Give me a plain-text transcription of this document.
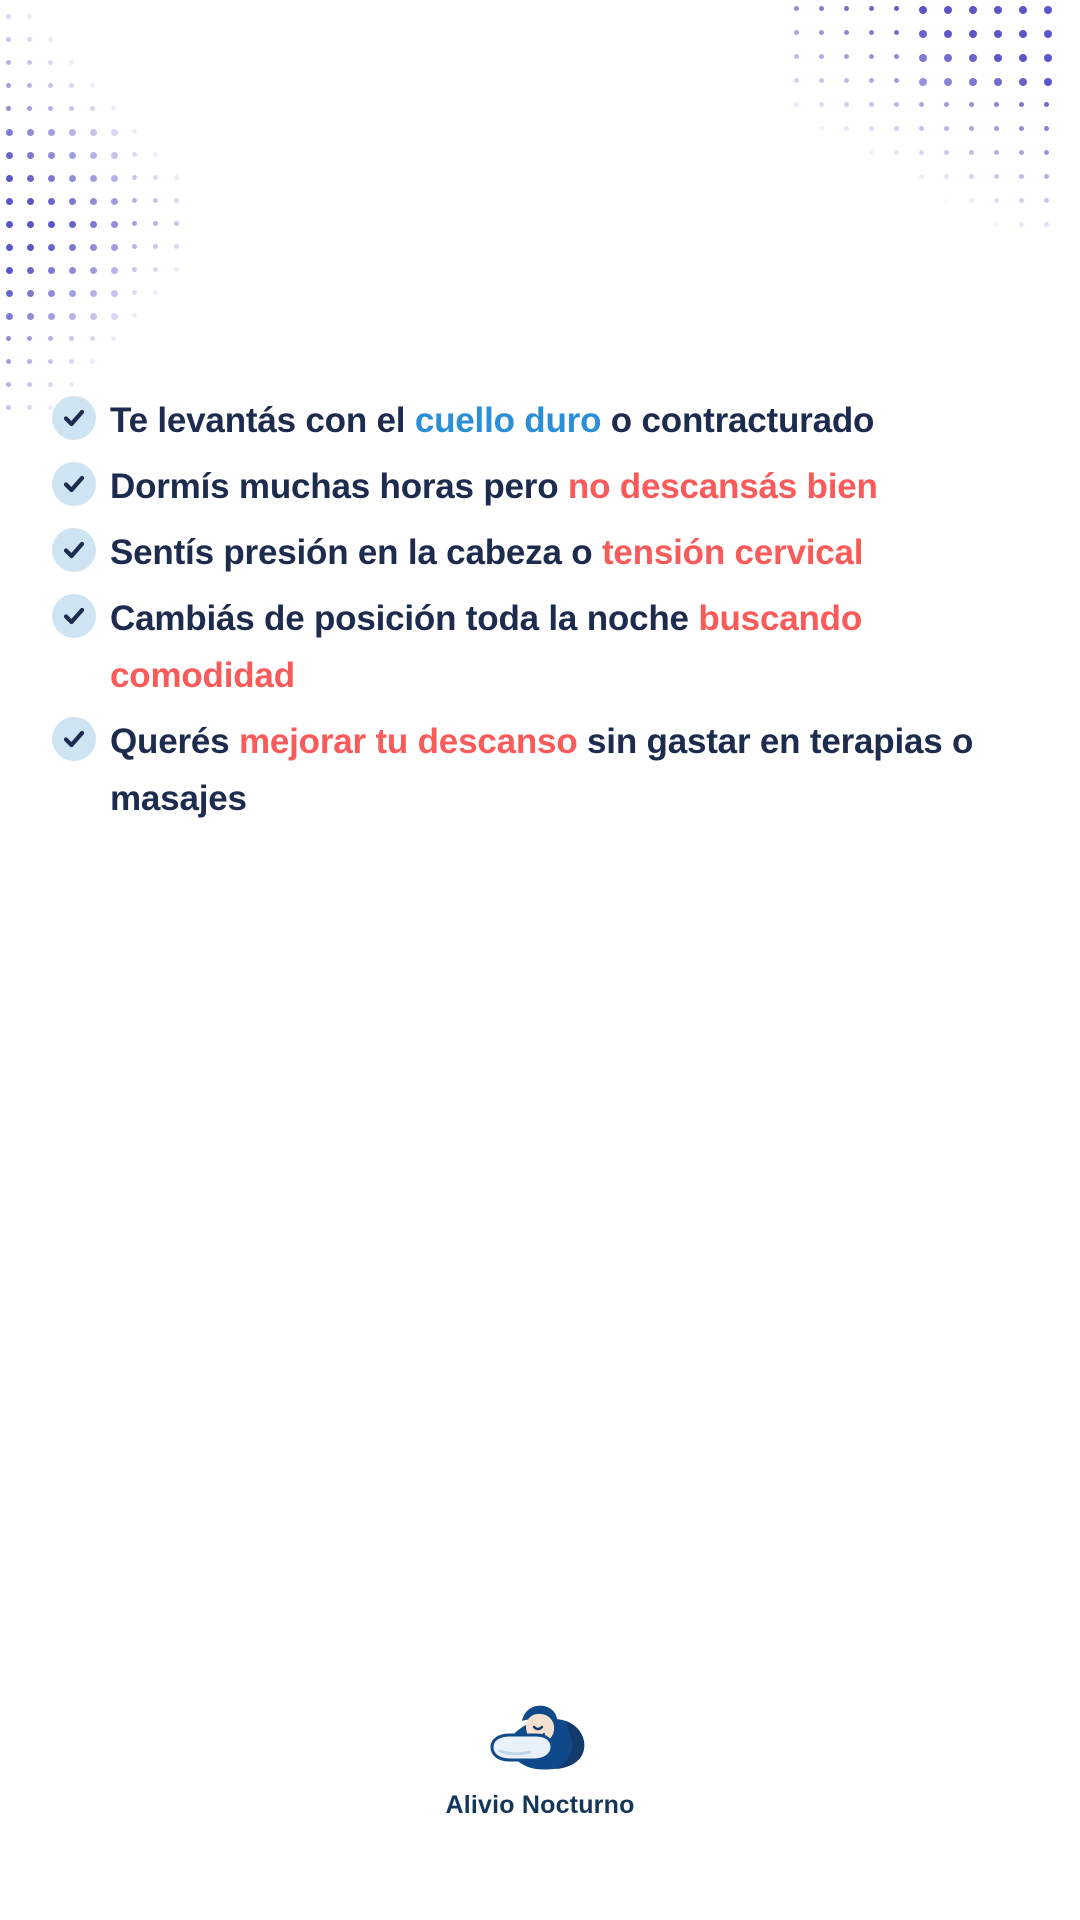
Te levantás con el cuello duro o contracturado
Dormís muchas horas pero no descansás bien
Sentís presión en la cabeza o tensión cervical
Cambiás de posición toda la noche buscando comodidad
Querés mejorar tu descanso sin gastar en terapias o masajes
Alivio Nocturno
